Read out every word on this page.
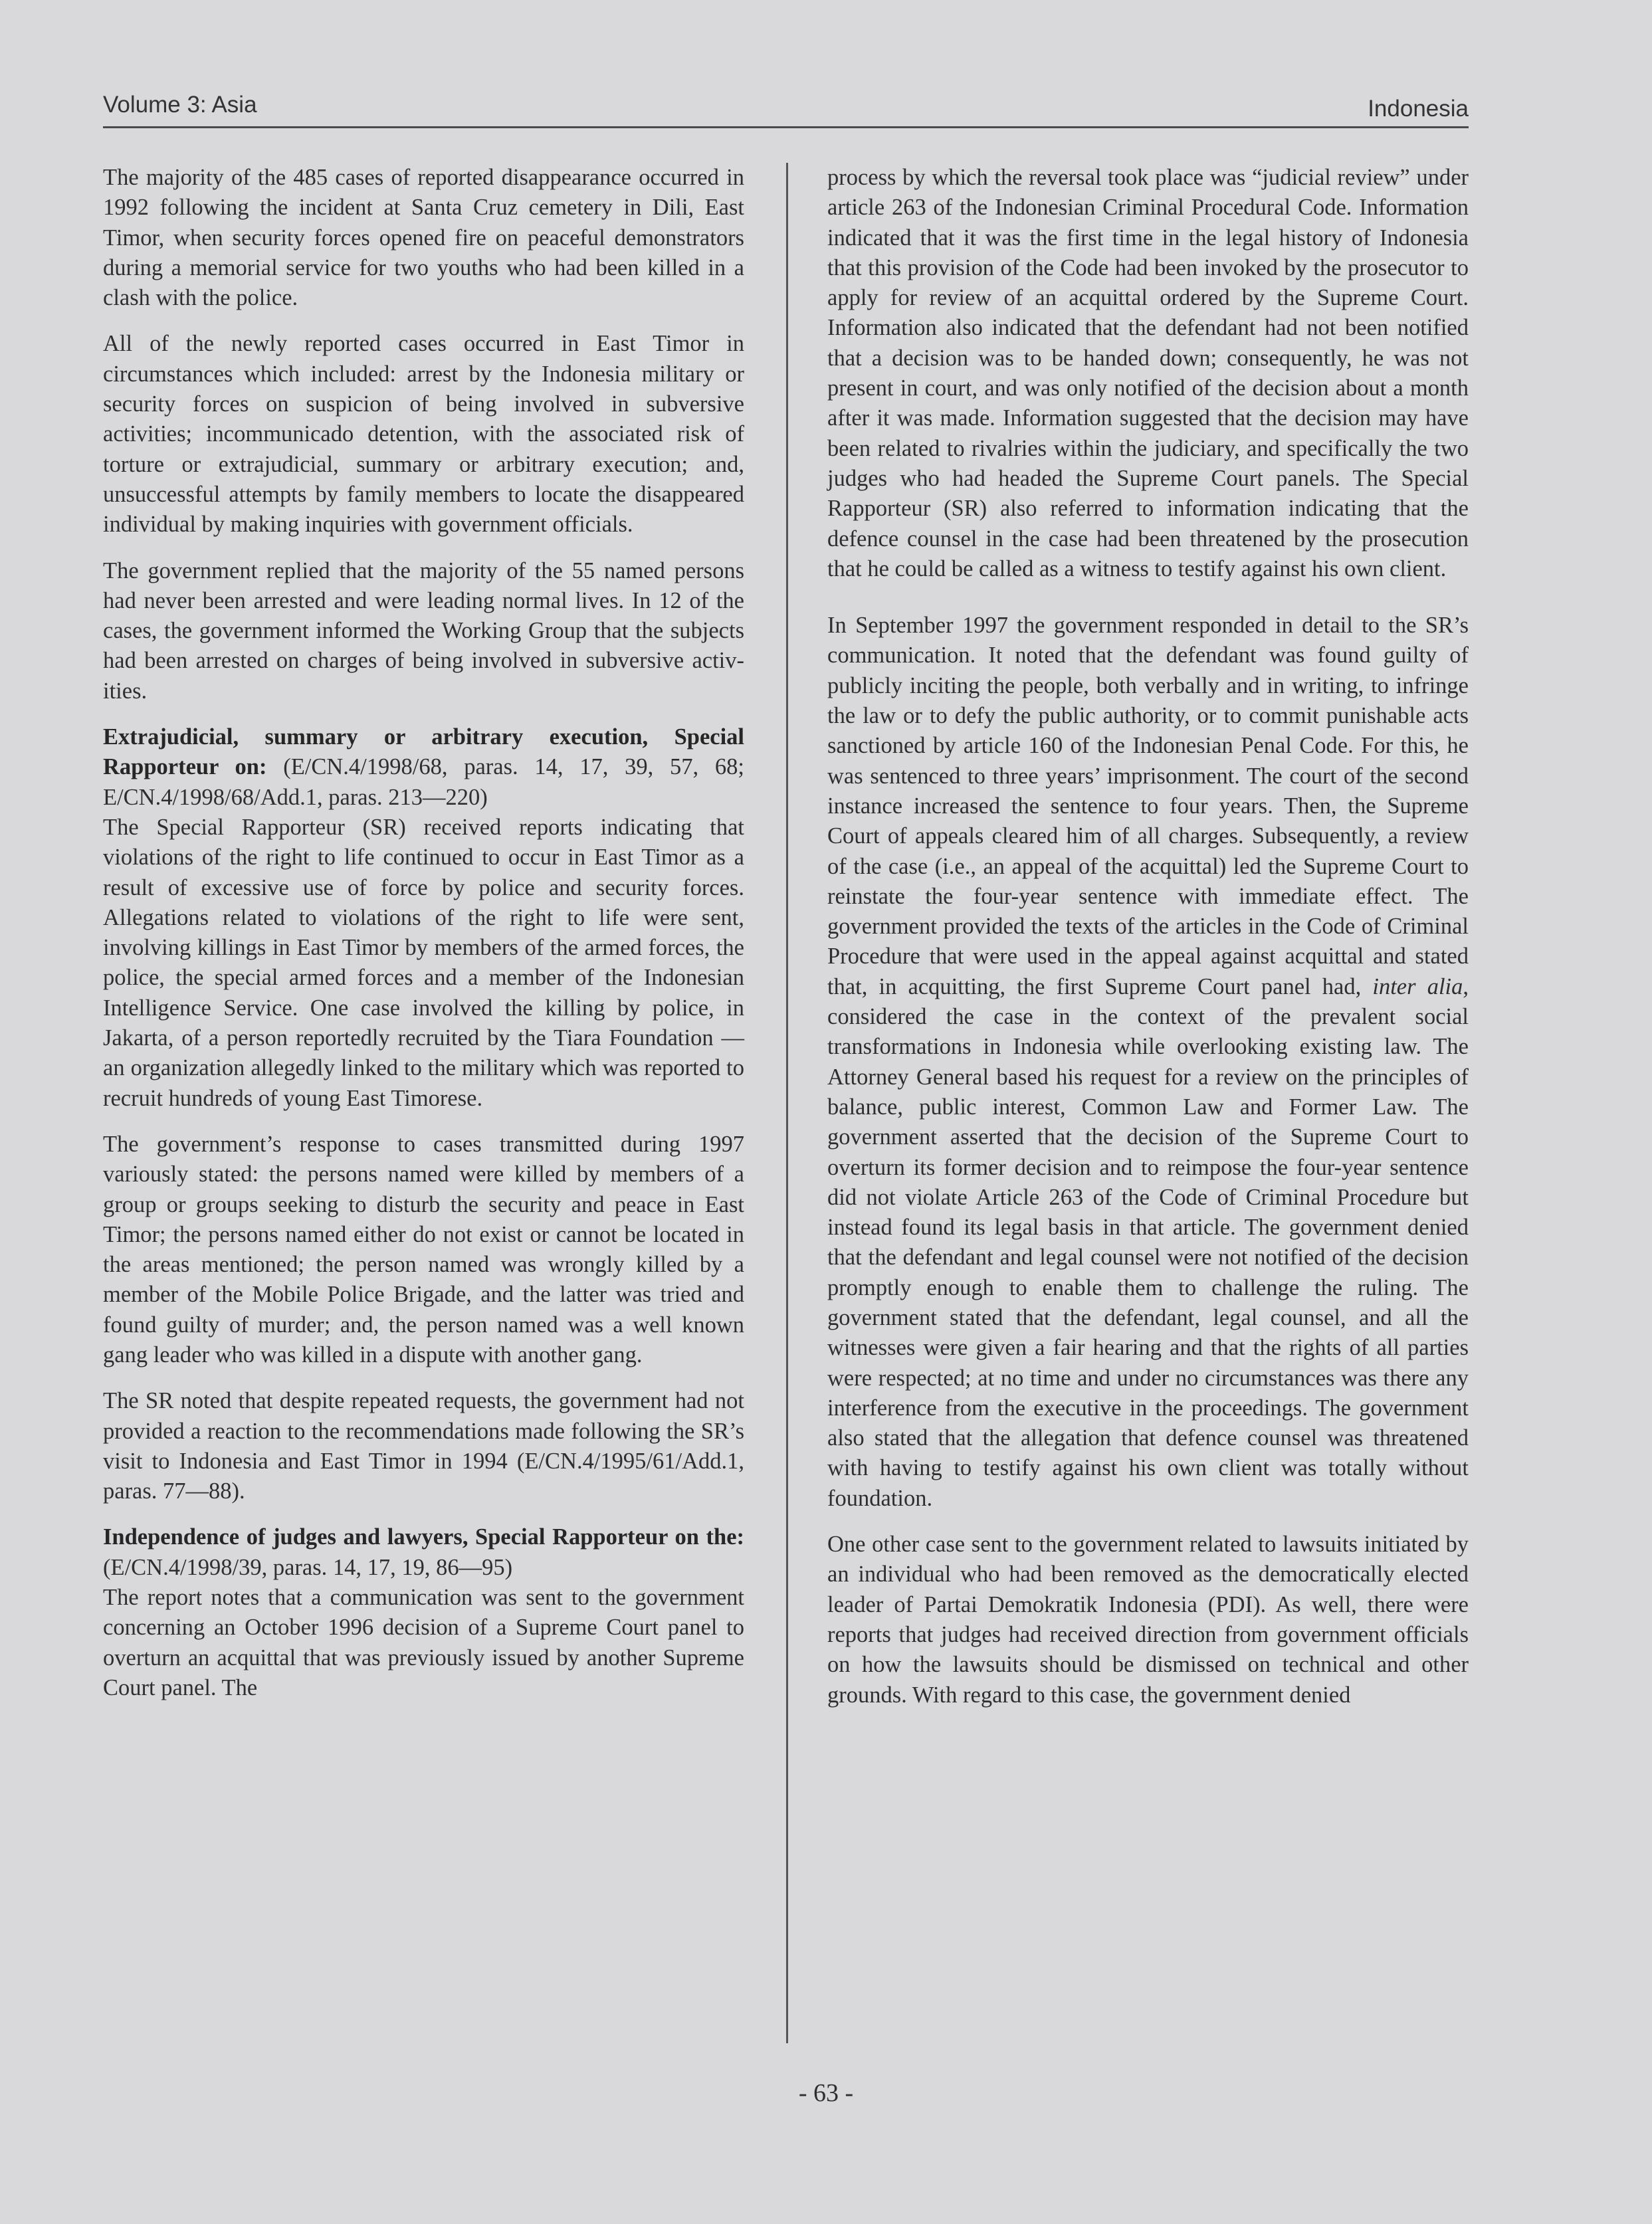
Volume 3: Asia	Indonesia

The majority of the 485 cases of reported disappearance occurred in 1992 following the incident at Santa Cruz cemetery in Dili, East Timor, when security forces opened fire on peaceful demonstrators during a memorial service for two youths who had been killed in a clash with the police.

All of the newly reported cases occurred in East Timor in circumstances which included: arrest by the Indonesia military or security forces on suspicion of being involved in subversive activities; incommunicado detention, with the associated risk of torture or extrajudicial, summary or arbitrary execution; and, unsuccessful attempts by family members to locate the disappeared individual by making inquiries with government officials.

The government replied that the majority of the 55 named persons had never been arrested and were leading normal lives. In 12 of the cases, the government informed the Working Group that the subjects had been arrested on charges of being involved in subversive activities.

Extrajudicial, summary or arbitrary execution, Special Rapporteur on: (E/CN.4/1998/68, paras. 14, 17, 39, 57, 68; E/CN.4/1998/68/Add.1, paras. 213—220)

The Special Rapporteur (SR) received reports indicating that violations of the right to life continued to occur in East Timor as a result of excessive use of force by police and security forces. Allegations related to violations of the right to life were sent, involving killings in East Timor by members of the armed forces, the police, the special armed forces and a member of the Indonesian Intelligence Service. One case involved the killing by police, in Jakarta, of a person reportedly recruited by the Tiara Foundation — an organization allegedly linked to the military which was reported to recruit hundreds of young East Timorese.

The government’s response to cases transmitted during 1997 variously stated: the persons named were killed by members of a group or groups seeking to disturb the security and peace in East Timor; the persons named either do not exist or cannot be located in the areas mentioned; the person named was wrongly killed by a member of the Mobile Police Brigade, and the latter was tried and found guilty of murder; and, the person named was a well known gang leader who was killed in a dispute with another gang.

The SR noted that despite repeated requests, the government had not provided a reaction to the recommendations made following the SR’s visit to Indonesia and East Timor in 1994 (E/CN.4/1995/61/Add.1, paras. 77—88).

Independence of judges and lawyers, Special Rapporteur on the: (E/CN.4/1998/39, paras. 14, 17, 19, 86—95)

The report notes that a communication was sent to the government concerning an October 1996 decision of a Supreme Court panel to overturn an acquittal that was previously issued by another Supreme Court panel. The

process by which the reversal took place was “judicial review” under article 263 of the Indonesian Criminal Procedural Code. Information indicated that it was the first time in the legal history of Indonesia that this provision of the Code had been invoked by the prosecutor to apply for review of an acquittal ordered by the Supreme Court. Information also indicated that the defendant had not been notified that a decision was to be handed down; consequently, he was not present in court, and was only notified of the decision about a month after it was made. Information suggested that the decision may have been related to rivalries within the judiciary, and specifically the two judges who had headed the Supreme Court panels. The Special Rapporteur (SR) also referred to information indicating that the defence counsel in the case had been threatened by the prosecution that he could be called as a witness to testify against his own client.

In September 1997 the government responded in detail to the SR’s communication. It noted that the defendant was found guilty of publicly inciting the people, both verbally and in writing, to infringe the law or to defy the public authority, or to commit punishable acts sanctioned by article 160 of the Indonesian Penal Code. For this, he was sentenced to three years’ imprisonment. The court of the second instance increased the sentence to four years. Then, the Supreme Court of appeals cleared him of all charges. Subsequently, a review of the case (i.e., an appeal of the acquittal) led the Supreme Court to reinstate the four-year sentence with immediate effect. The government provided the texts of the articles in the Code of Criminal Procedure that were used in the appeal against acquittal and stated that, in acquitting, the first Supreme Court panel had, inter alia, considered the case in the context of the prevalent social transformations in Indonesia while overlooking existing law. The Attorney General based his request for a review on the principles of balance, public interest, Common Law and Former Law. The government asserted that the decision of the Supreme Court to overturn its former decision and to reimpose the four-year sentence did not violate Article 263 of the Code of Criminal Procedure but instead found its legal basis in that article. The government denied that the defendant and legal counsel were not notified of the decision promptly enough to enable them to challenge the ruling. The government stated that the defendant, legal counsel, and all the witnesses were given a fair hearing and that the rights of all parties were respected; at no time and under no circumstances was there any interference from the executive in the proceedings. The government also stated that the allegation that defence counsel was threatened with having to testify against his own client was totally without foundation.

One other case sent to the government related to lawsuits initiated by an individual who had been removed as the democratically elected leader of Partai Demokratik Indonesia (PDI). As well, there were reports that judges had received direction from government officials on how the lawsuits should be dismissed on technical and other grounds. With regard to this case, the government denied

- 63 -
